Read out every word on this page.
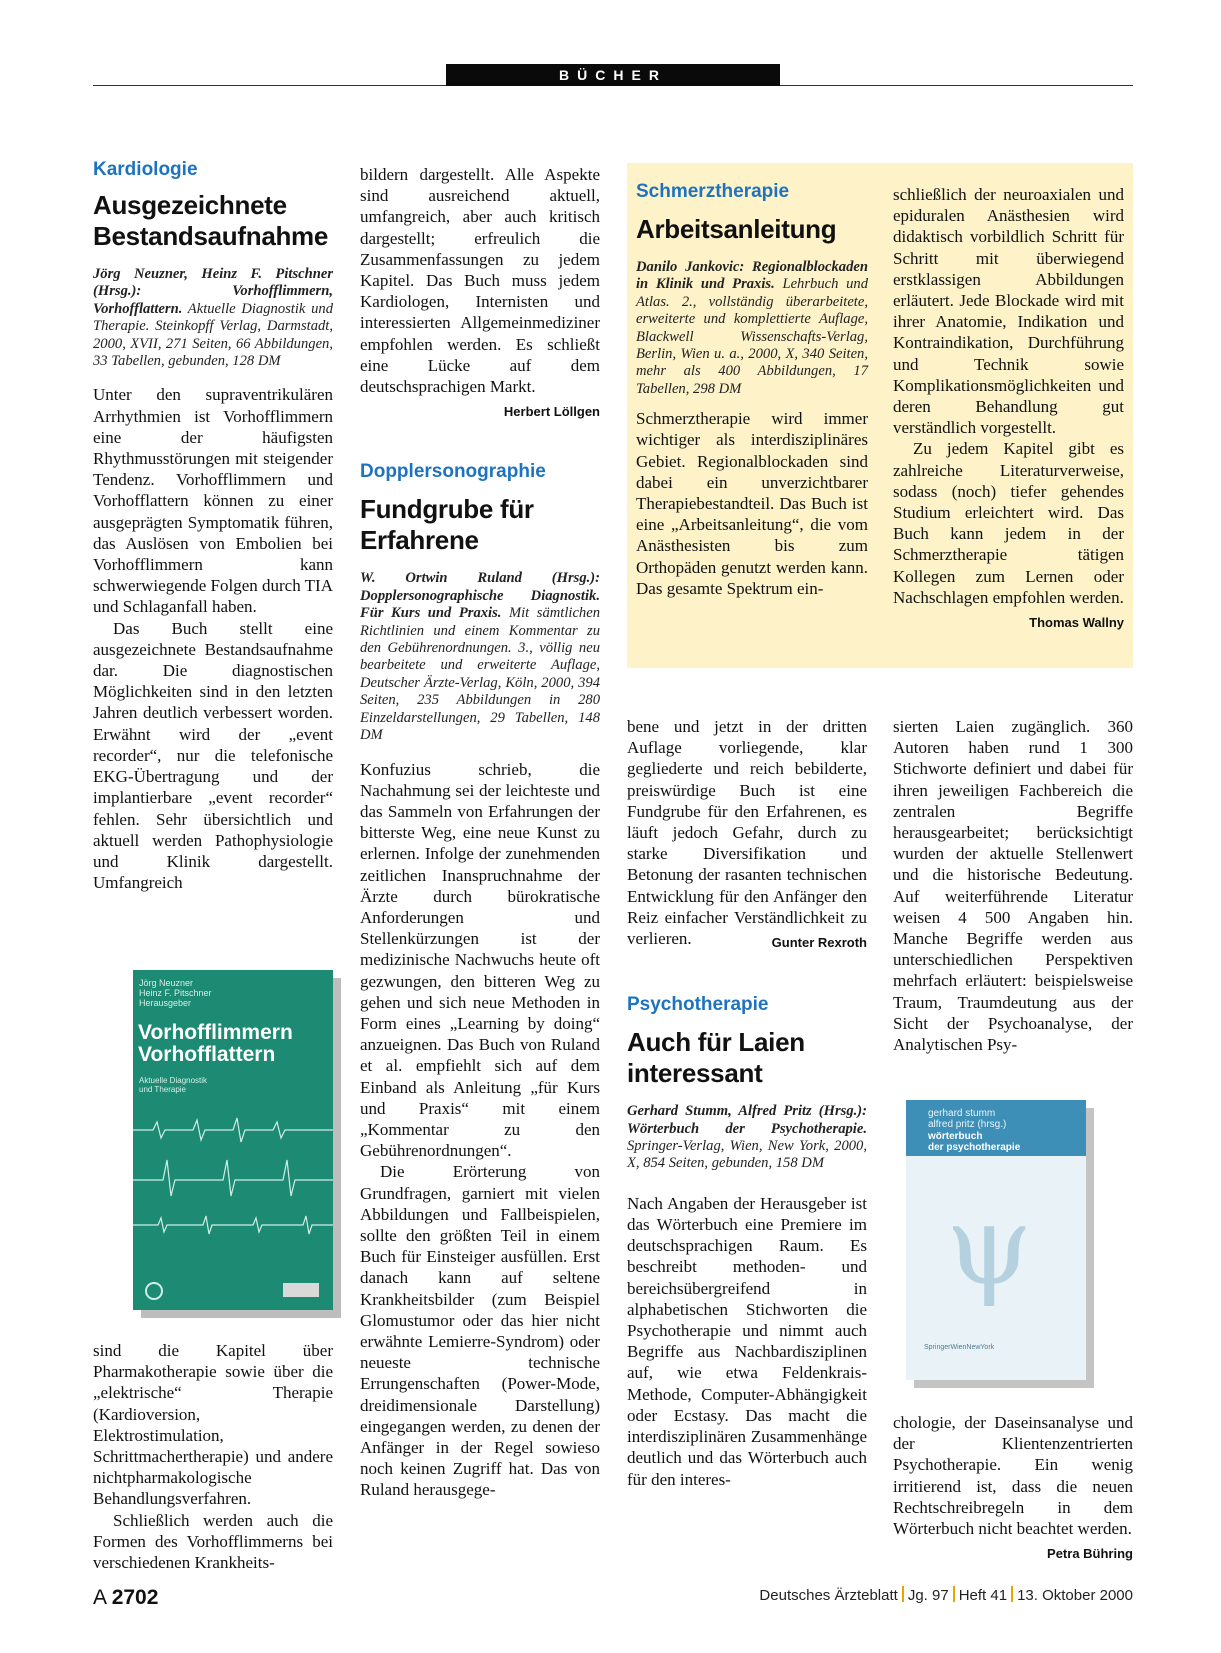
BÜCHER
Kardiologie
Ausgezeichnete
Bestandsaufnahme
Jörg Neuzner, Heinz F. Pitschner (Hrsg.): Vorhofflimmern, Vorhofflattern. Aktuelle Diagnostik und Therapie. Steinkopff Verlag, Darmstadt, 2000, XVII, 271 Seiten, 66 Abbildungen, 33 Tabellen, gebunden, 128 DM

Unter den supraventrikulären Arrhythmien ist Vorhofflimmern eine der häufigsten Rhythmusstörungen mit steigender Tendenz. Vorhofflimmern und Vorhofflattern können zu einer ausgeprägten Symptomatik führen, das Auslösen von Embolien bei Vorhofflimmern kann schwerwiegende Folgen durch TIA und Schlaganfall haben.

Das Buch stellt eine ausgezeichnete Bestandsaufnahme dar. Die diagnostischen Möglichkeiten sind in den letzten Jahren deutlich verbessert worden. Erwähnt wird der „event recorder“, nur die telefonische EKG-Übertragung und der implantierbare „event recorder“ fehlen. Sehr übersichtlich und aktuell werden Pathophysiologie und Klinik dargestellt. Umfangreich

Jörg Neuzner
Heinz F. Pitschner
Herausgeber
Vorhofflimmern
Vorhofflattern
Aktuelle Diagnostik
und Therapie

sind die Kapitel über Pharmakotherapie sowie über die „elektrische“ Therapie (Kardioversion, Elektrostimulation, Schrittmachertherapie) und andere nichtpharmakologische Behandlungsverfahren.

Schließlich werden auch die Formen des Vorhofflimmerns bei verschiedenen Krankheits-

bildern dargestellt. Alle Aspekte sind ausreichend aktuell, umfangreich, aber auch kritisch dargestellt; erfreulich die Zusammenfassungen zu jedem Kapitel. Das Buch muss jedem Kardiologen, Internisten und interessierten Allgemeinmediziner empfohlen werden. Es schließt eine Lücke auf dem deutschsprachigen Markt.
Herbert Löllgen
Dopplersonographie
Fundgrube für
Erfahrene
W. Ortwin Ruland (Hrsg.): Dopplersonographische Diagnostik. Für Kurs und Praxis. Mit sämtlichen Richtlinien und einem Kommentar zu den Gebührenordnungen. 3., völlig neu bearbeitete und erweiterte Auflage, Deutscher Ärzte-Verlag, Köln, 2000, 394 Seiten, 235 Abbildungen in 280 Einzeldarstellungen, 29 Tabellen, 148 DM

Konfuzius schrieb, die Nachahmung sei der leichteste und das Sammeln von Erfahrungen der bitterste Weg, eine neue Kunst zu erlernen. Infolge der zunehmenden zeitlichen Inanspruchnahme der Ärzte durch bürokratische Anforderungen und Stellenkürzungen ist der medizinische Nachwuchs heute oft gezwungen, den bitteren Weg zu gehen und sich neue Methoden in Form eines „Learning by doing“ anzueignen. Das Buch von Ruland et al. empfiehlt sich auf dem Einband als Anleitung „für Kurs und Praxis“ mit einem „Kommentar zu den Gebührenordnungen“.

Die Erörterung von Grundfragen, garniert mit vielen Abbildungen und Fallbeispielen, sollte den größten Teil in einem Buch für Einsteiger ausfüllen. Erst danach kann auf seltene Krankheitsbilder (zum Beispiel Glomustumor oder das hier nicht erwähnte Lemierre-Syndrom) oder neueste technische Errungenschaften (Power-Mode, dreidimensionale Darstellung) eingegangen werden, zu denen der Anfänger in der Regel sowieso noch keinen Zugriff hat. Das von Ruland herausgege-

Schmerztherapie
Arbeitsanleitung
Danilo Jankovic: Regionalblockaden in Klinik und Praxis. Lehrbuch und Atlas. 2., vollständig überarbeitete, erweiterte und komplettierte Auflage, Blackwell Wissenschafts-Verlag, Berlin, Wien u. a., 2000, X, 340 Seiten, mehr als 400 Abbildungen, 17 Tabellen, 298 DM
Schmerztherapie wird immer wichtiger als interdisziplinäres Gebiet. Regionalblockaden sind dabei ein unverzichtbarer Therapiebestandteil. Das Buch ist eine „Arbeitsanleitung“, die vom Anästhesisten bis zum Orthopäden genutzt werden kann. Das gesamte Spektrum ein-

schließlich der neuroaxialen und epiduralen Anästhesien wird didaktisch vorbildlich Schritt für Schritt mit überwiegend erstklassigen Abbildungen erläutert. Jede Blockade wird mit ihrer Anatomie, Indikation und Kontraindikation, Durchführung und Technik sowie Komplikationsmöglichkeiten und deren Behandlung gut verständlich vorgestellt.

Zu jedem Kapitel gibt es zahlreiche Literaturverweise, sodass (noch) tiefer gehendes Studium erleichtert wird. Das Buch kann jedem in der Schmerztherapie tätigen Kollegen zum Lernen oder Nachschlagen empfohlen werden.
Thomas Wallny

bene und jetzt in der dritten Auflage vorliegende, klar gegliederte und reich bebilderte, preiswürdige Buch ist eine Fundgrube für den Erfahrenen, es läuft jedoch Gefahr, durch zu starke Diversifikation und Betonung der rasanten technischen Entwicklung für den Anfänger den Reiz einfacher Verständlichkeit zu verlieren.	Gunter Rexroth
Psychotherapie
Auch für Laien
interessant
Gerhard Stumm, Alfred Pritz (Hrsg.): Wörterbuch der Psychotherapie. Springer-Verlag, Wien, New York, 2000, X, 854 Seiten, gebunden, 158 DM
Nach Angaben der Herausgeber ist das Wörterbuch eine Premiere im deutschsprachigen Raum. Es beschreibt methoden- und bereichsübergreifend in alphabetischen Stichworten die Psychotherapie und nimmt auch Begriffe aus Nachbardisziplinen auf, wie etwa Feldenkrais-Methode, Computer-Abhängigkeit oder Ecstasy. Das macht die interdisziplinären Zusammenhänge deutlich und das Wörterbuch auch für den interes-

sierten Laien zugänglich. 360 Autoren haben rund 1 300 Stichworte definiert und dabei für ihren jeweiligen Fachbereich die zentralen Begriffe herausgearbeitet; berücksichtigt wurden der aktuelle Stellenwert und die historische Bedeutung. Auf weiterführende Literatur weisen 4 500 Angaben hin. Manche Begriffe werden aus unterschiedlichen Perspektiven mehrfach erläutert: beispielsweise Traum, Traumdeutung aus der Sicht der Psychoanalyse, der Analytischen Psy-

gerhard stumm
alfred pritz (hrsg.)
wörterbuch
der psychotherapie
ψ
SpringerWienNewYork
chologie, der Daseinsanalyse und der Klientenzentrierten Psychotherapie. Ein wenig irritierend ist, dass die neuen Rechtschreibregeln in dem Wörterbuch nicht beachtet werden.
Petra Bühring
A 2702	Deutsches Ärzteblatt Jg. 97 Heft 41 13. Oktober 2000
